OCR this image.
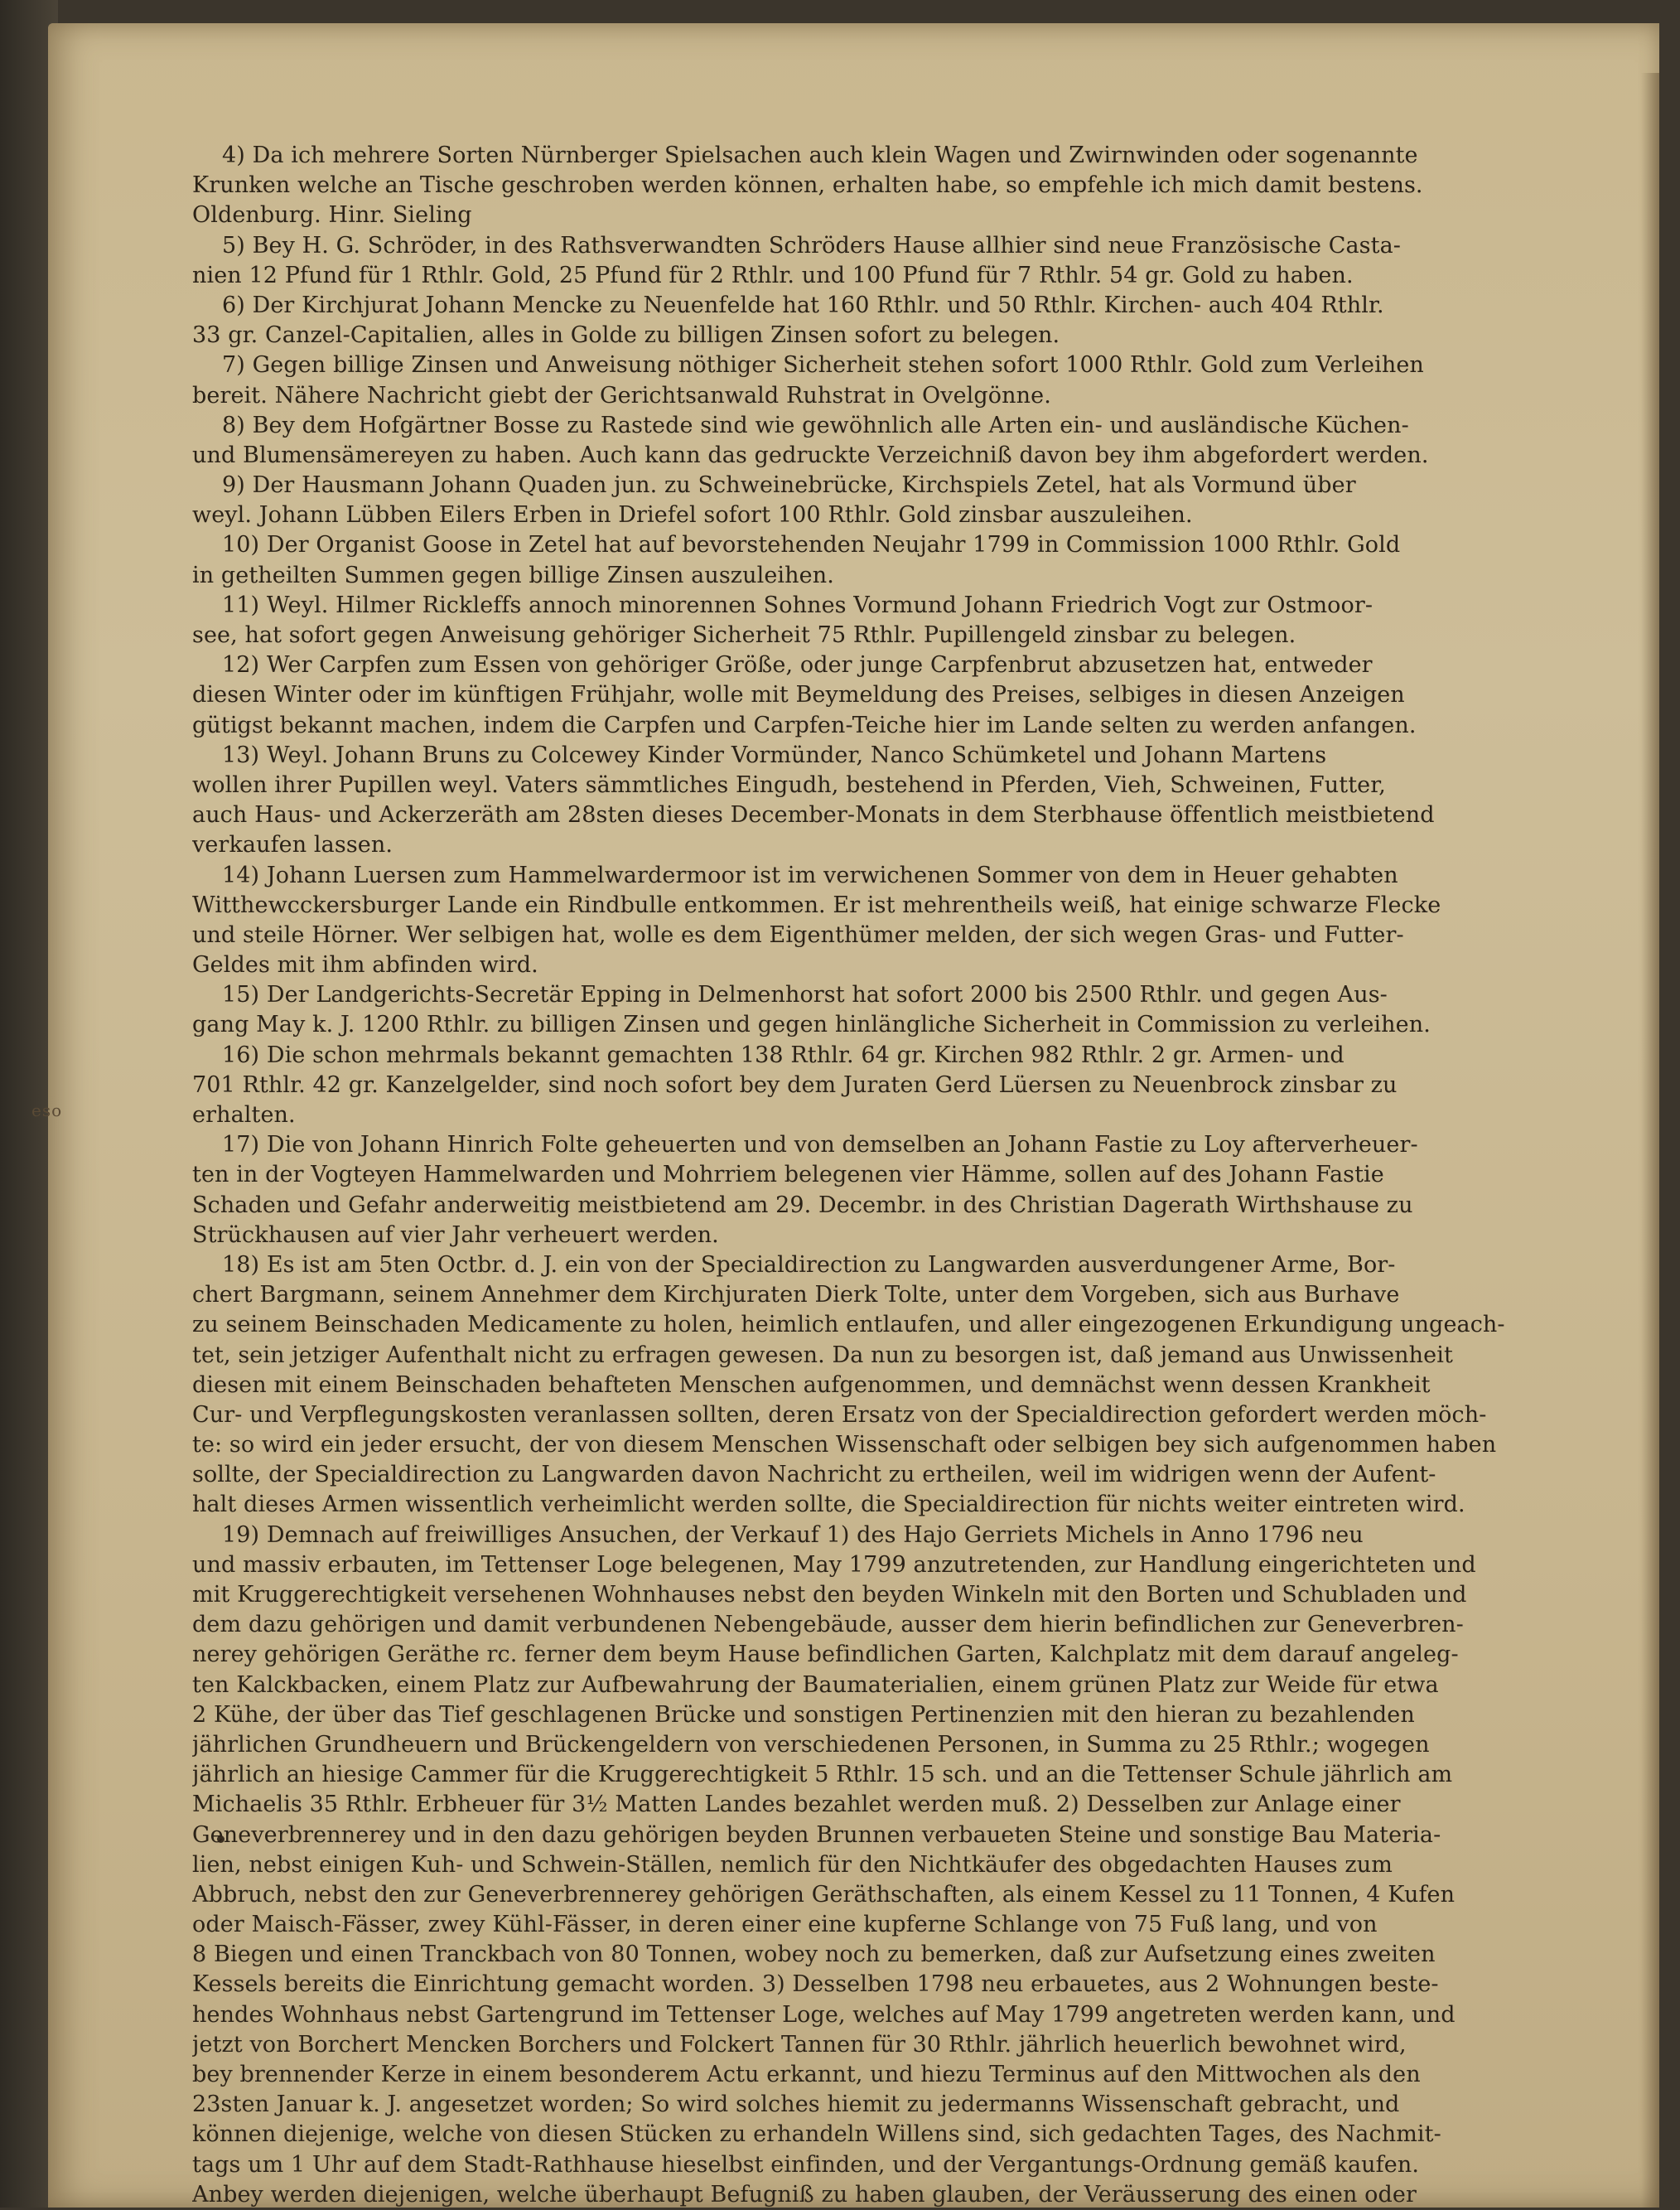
eso
4) Da ich mehrere Sorten Nürnberger Spielsachen auch klein Wagen und Zwirnwinden oder sogenannte
Krunken welche an Tische geschroben werden können, erhalten habe, so empfehle ich mich damit bestens.
Oldenburg. Hinr. Sieling
5) Bey H. G. Schröder, in des Rathsverwandten Schröders Hause allhier sind neue Französische Casta-
nien 12 Pfund für 1 Rthlr. Gold, 25 Pfund für 2 Rthlr. und 100 Pfund für 7 Rthlr. 54 gr. Gold zu haben.
6) Der Kirchjurat Johann Mencke zu Neuenfelde hat 160 Rthlr. und 50 Rthlr. Kirchen- auch 404 Rthlr.
33 gr. Canzel-Capitalien, alles in Golde zu billigen Zinsen sofort zu belegen.
7) Gegen billige Zinsen und Anweisung nöthiger Sicherheit stehen sofort 1000 Rthlr. Gold zum Verleihen
bereit. Nähere Nachricht giebt der Gerichtsanwald Ruhstrat in Ovelgönne.
8) Bey dem Hofgärtner Bosse zu Rastede sind wie gewöhnlich alle Arten ein- und ausländische Küchen-
und Blumensämereyen zu haben. Auch kann das gedruckte Verzeichniß davon bey ihm abgefordert werden.
9) Der Hausmann Johann Quaden jun. zu Schweinebrücke, Kirchspiels Zetel, hat als Vormund über
weyl. Johann Lübben Eilers Erben in Driefel sofort 100 Rthlr. Gold zinsbar auszuleihen.
10) Der Organist Goose in Zetel hat auf bevorstehenden Neujahr 1799 in Commission 1000 Rthlr. Gold
in getheilten Summen gegen billige Zinsen auszuleihen.
11) Weyl. Hilmer Rickleffs annoch minorennen Sohnes Vormund Johann Friedrich Vogt zur Ostmoor-
see, hat sofort gegen Anweisung gehöriger Sicherheit 75 Rthlr. Pupillengeld zinsbar zu belegen.
12) Wer Carpfen zum Essen von gehöriger Größe, oder junge Carpfenbrut abzusetzen hat, entweder
diesen Winter oder im künftigen Frühjahr, wolle mit Beymeldung des Preises, selbiges in diesen Anzeigen
gütigst bekannt machen, indem die Carpfen und Carpfen-Teiche hier im Lande selten zu werden anfangen.
13) Weyl. Johann Bruns zu Colcewey Kinder Vormünder, Nanco Schümketel und Johann Martens
wollen ihrer Pupillen weyl. Vaters sämmtliches Eingudh, bestehend in Pferden, Vieh, Schweinen, Futter,
auch Haus- und Ackerzeräth am 28sten dieses December-Monats in dem Sterbhause öffentlich meistbietend
verkaufen lassen.
14) Johann Luersen zum Hammelwardermoor ist im verwichenen Sommer von dem in Heuer gehabten
Witthewcckersburger Lande ein Rindbulle entkommen. Er ist mehrentheils weiß, hat einige schwarze Flecke
und steile Hörner. Wer selbigen hat, wolle es dem Eigenthümer melden, der sich wegen Gras- und Futter-
Geldes mit ihm abfinden wird.
15) Der Landgerichts-Secretär Epping in Delmenhorst hat sofort 2000 bis 2500 Rthlr. und gegen Aus-
gang May k. J. 1200 Rthlr. zu billigen Zinsen und gegen hinlängliche Sicherheit in Commission zu verleihen.
16) Die schon mehrmals bekannt gemachten 138 Rthlr. 64 gr. Kirchen 982 Rthlr. 2 gr. Armen- und
701 Rthlr. 42 gr. Kanzelgelder, sind noch sofort bey dem Juraten Gerd Lüersen zu Neuenbrock zinsbar zu
erhalten.
17) Die von Johann Hinrich Folte geheuerten und von demselben an Johann Fastie zu Loy afterverheuer-
ten in der Vogteyen Hammelwarden und Mohrriem belegenen vier Hämme, sollen auf des Johann Fastie
Schaden und Gefahr anderweitig meistbietend am 29. Decembr. in des Christian Dagerath Wirthshause zu
Strückhausen auf vier Jahr verheuert werden.
18) Es ist am 5ten Octbr. d. J. ein von der Specialdirection zu Langwarden ausverdungener Arme, Bor-
chert Bargmann, seinem Annehmer dem Kirchjuraten Dierk Tolte, unter dem Vorgeben, sich aus Burhave
zu seinem Beinschaden Medicamente zu holen, heimlich entlaufen, und aller eingezogenen Erkundigung ungeach-
tet, sein jetziger Aufenthalt nicht zu erfragen gewesen. Da nun zu besorgen ist, daß jemand aus Unwissenheit
diesen mit einem Beinschaden behafteten Menschen aufgenommen, und demnächst wenn dessen Krankheit
Cur- und Verpflegungskosten veranlassen sollten, deren Ersatz von der Specialdirection gefordert werden möch-
te: so wird ein jeder ersucht, der von diesem Menschen Wissenschaft oder selbigen bey sich aufgenommen haben
sollte, der Specialdirection zu Langwarden davon Nachricht zu ertheilen, weil im widrigen wenn der Aufent-
halt dieses Armen wissentlich verheimlicht werden sollte, die Specialdirection für nichts weiter eintreten wird.
19) Demnach auf freiwilliges Ansuchen, der Verkauf 1) des Hajo Gerriets Michels in Anno 1796 neu
und massiv erbauten, im Tettenser Loge belegenen, May 1799 anzutretenden, zur Handlung eingerichteten und
mit Kruggerechtigkeit versehenen Wohnhauses nebst den beyden Winkeln mit den Borten und Schubladen und
dem dazu gehörigen und damit verbundenen Nebengebäude, ausser dem hierin befindlichen zur Geneverbren-
nerey gehörigen Geräthe rc. ferner dem beym Hause befindlichen Garten, Kalchplatz mit dem darauf angeleg-
ten Kalckbacken, einem Platz zur Aufbewahrung der Baumaterialien, einem grünen Platz zur Weide für etwa
2 Kühe, der über das Tief geschlagenen Brücke und sonstigen Pertinenzien mit den hieran zu bezahlenden
jährlichen Grundheuern und Brückengeldern von verschiedenen Personen, in Summa zu 25 Rthlr.; wogegen
jährlich an hiesige Cammer für die Kruggerechtigkeit 5 Rthlr. 15 sch. und an die Tettenser Schule jährlich am
Michaelis 35 Rthlr. Erbheuer für 3½ Matten Landes bezahlet werden muß. 2) Desselben zur Anlage einer
Geneverbrennerey und in den dazu gehörigen beyden Brunnen verbaueten Steine und sonstige Bau Materia-
lien, nebst einigen Kuh- und Schwein-Ställen, nemlich für den Nichtkäufer des obgedachten Hauses zum
Abbruch, nebst den zur Geneverbrennerey gehörigen Geräthschaften, als einem Kessel zu 11 Tonnen, 4 Kufen
oder Maisch-Fässer, zwey Kühl-Fässer, in deren einer eine kupferne Schlange von 75 Fuß lang, und von
8 Biegen und einen Tranckbach von 80 Tonnen, wobey noch zu bemerken, daß zur Aufsetzung eines zweiten
Kessels bereits die Einrichtung gemacht worden. 3) Desselben 1798 neu erbauetes, aus 2 Wohnungen beste-
hendes Wohnhaus nebst Gartengrund im Tettenser Loge, welches auf May 1799 angetreten werden kann, und
jetzt von Borchert Mencken Borchers und Folckert Tannen für 30 Rthlr. jährlich heuerlich bewohnet wird,
bey brennender Kerze in einem besonderem Actu erkannt, und hiezu Terminus auf den Mittwochen als den
23sten Januar k. J. angesetzet worden; So wird solches hiemit zu jedermanns Wissenschaft gebracht, und
können diejenige, welche von diesen Stücken zu erhandeln Willens sind, sich gedachten Tages, des Nachmit-
tags um 1 Uhr auf dem Stadt-Rathhause hieselbst einfinden, und der Vergantungs-Ordnung gemäß kaufen.
Anbey werden diejenigen, welche überhaupt Befugniß zu haben glauben, der Veräusserung des einen oder
